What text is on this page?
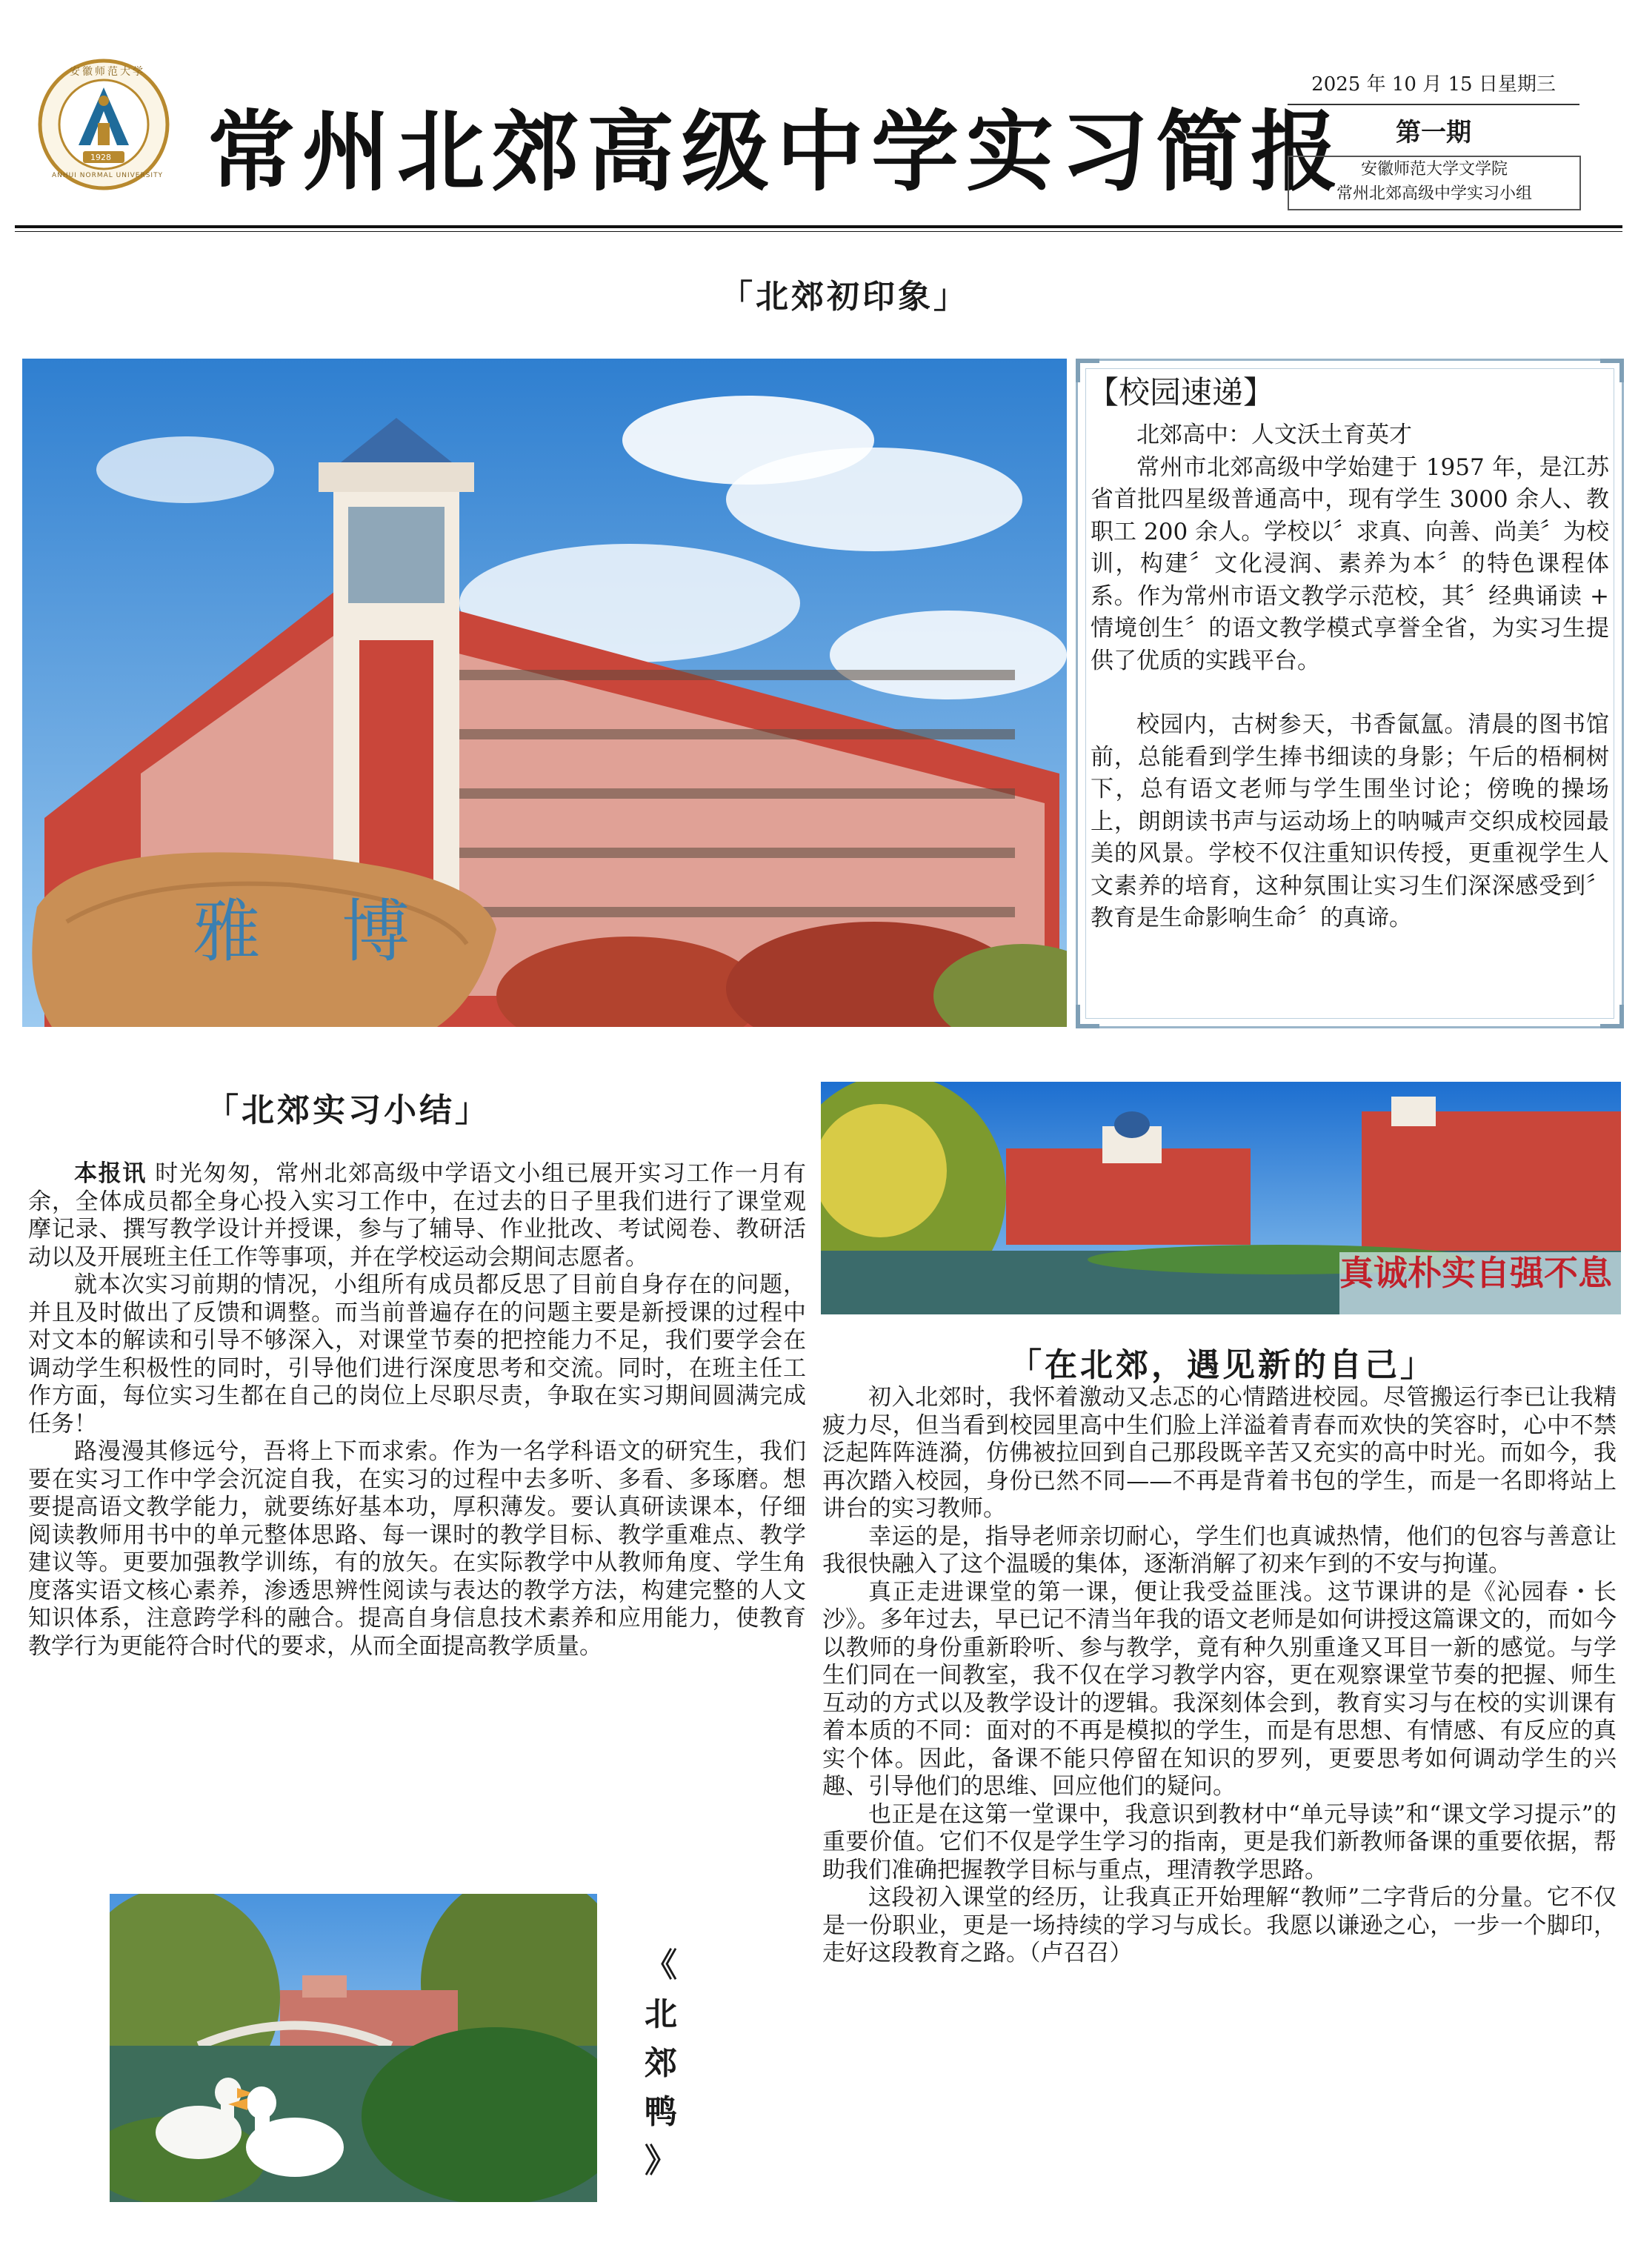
1928
安徽师范大学
ANHUI NORMAL UNIVERSITY 常州北郊高级中学实习简报
2025 年 10 月 15 日星期三
第一期
安徽师范大学文学院
常州北郊高级中学实习小组
「北郊初印象」
雅 博
【校园速递】

北郊高中：人文沃土育英才

常州市北郊高级中学始建于 1957 年，是江苏省首批四星级普通高中，现有学生 3000 余人、教职工 200 余人。学校以〞求真、向善、尚美〞为校训，构建〞文化浸润、素养为本〞的特色课程体系。作为常州市语文教学示范校，其〞经典诵读 + 情境创生〞的语文教学模式享誉全省，为实习生提供了优质的实践平台。

校园内，古树参天，书香氤氲。清晨的图书馆前，总能看到学生捧书细读的身影；午后的梧桐树下，总有语文老师与学生围坐讨论；傍晚的操场上，朗朗读书声与运动场上的呐喊声交织成校园最美的风景。学校不仅注重知识传授，更重视学生人文素养的培育，这种氛围让实习生们深深感受到〞教育是生命影响生命〞的真谛。

「北郊实习小结」

本报讯 时光匆匆，常州北郊高级中学语文小组已展开实习工作一月有余，全体成员都全身心投入实习工作中，在过去的日子里我们进行了课堂观摩记录、撰写教学设计并授课，参与了辅导、作业批改、考试阅卷、教研活动以及开展班主任工作等事项，并在学校运动会期间志愿者。

就本次实习前期的情况，小组所有成员都反思了目前自身存在的问题，并且及时做出了反馈和调整。而当前普遍存在的问题主要是新授课的过程中对文本的解读和引导不够深入，对课堂节奏的把控能力不足，我们要学会在调动学生积极性的同时，引导他们进行深度思考和交流。同时，在班主任工作方面，每位实习生都在自己的岗位上尽职尽责，争取在实习期间圆满完成任务！

路漫漫其修远兮，吾将上下而求索。作为一名学科语文的研究生，我们要在实习工作中学会沉淀自我，在实习的过程中去多听、多看、多琢磨。想要提高语文教学能力，就要练好基本功，厚积薄发。要认真研读课本，仔细阅读教师用书中的单元整体思路、每一课时的教学目标、教学重难点、教学建议等。更要加强教学训练，有的放矢。在实际教学中从教师角度、学生角度落实语文核心素养，渗透思辨性阅读与表达的教学方法，构建完整的人文知识体系，注意跨学科的融合。提高自身信息技术素养和应用能力，使教育教学行为更能符合时代的要求，从而全面提高教学质量。

《
北
郊
鸭
》
真诚朴实自强不息
「在北郊，遇见新的自己」

初入北郊时，我怀着激动又忐忑的心情踏进校园。尽管搬运行李已让我精疲力尽，但当看到校园里高中生们脸上洋溢着青春而欢快的笑容时，心中不禁泛起阵阵涟漪，仿佛被拉回到自己那段既辛苦又充实的高中时光。而如今，我再次踏入校园，身份已然不同——不再是背着书包的学生，而是一名即将站上讲台的实习教师。

幸运的是，指导老师亲切耐心，学生们也真诚热情，他们的包容与善意让我很快融入了这个温暖的集体，逐渐消解了初来乍到的不安与拘谨。

真正走进课堂的第一课，便让我受益匪浅。这节课讲的是《沁园春・长沙》。多年过去，早已记不清当年我的语文老师是如何讲授这篇课文的，而如今以教师的身份重新聆听、参与教学，竟有种久别重逢又耳目一新的感觉。与学生们同在一间教室，我不仅在学习教学内容，更在观察课堂节奏的把握、师生互动的方式以及教学设计的逻辑。我深刻体会到，教育实习与在校的实训课有着本质的不同：面对的不再是模拟的学生，而是有思想、有情感、有反应的真实个体。因此，备课不能只停留在知识的罗列，更要思考如何调动学生的兴趣、引导他们的思维、回应他们的疑问。

也正是在这第一堂课中，我意识到教材中“单元导读”和“课文学习提示”的重要价值。它们不仅是学生学习的指南，更是我们新教师备课的重要依据，帮助我们准确把握教学目标与重点，理清教学思路。

这段初入课堂的经历，让我真正开始理解“教师”二字背后的分量。它不仅是一份职业，更是一场持续的学习与成长。我愿以谦逊之心，一步一个脚印，走好这段教育之路。（卢召召）
